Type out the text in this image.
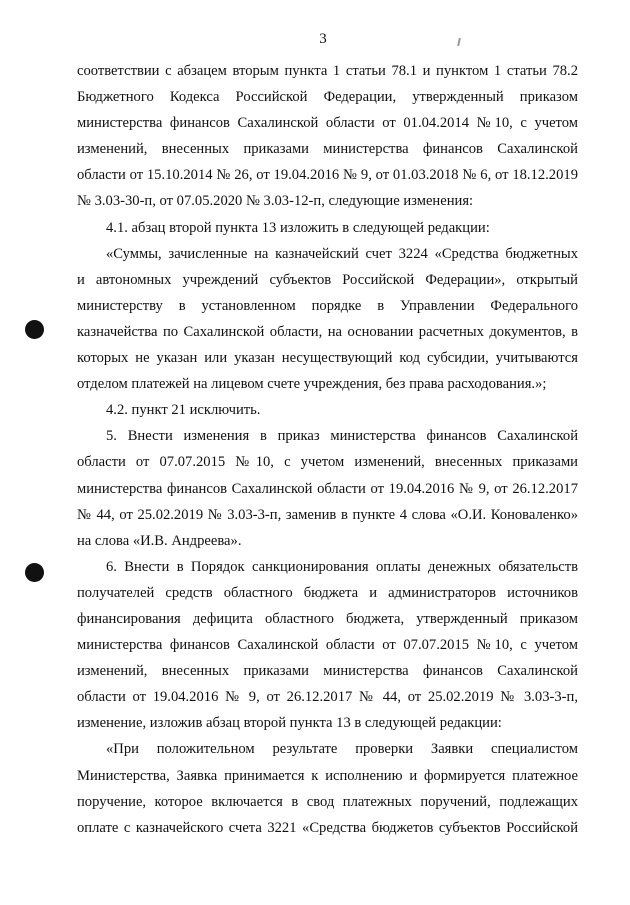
3
соответствии с абзацем вторым пункта 1 статьи 78.1 и пунктом 1 статьи 78.2
Бюджетного Кодекса Российской Федерации, утвержденный приказом
министерства финансов Сахалинской области от 01.04.2014 №10, с учетом
изменений, внесенных приказами министерства финансов Сахалинской
области от 15.10.2014 № 26, от 19.04.2016 № 9, от 01.03.2018 № 6, от 18.12.2019
№ 3.03-30-п, от 07.05.2020 № 3.03-12-п, следующие изменения:
4.1. абзац второй пункта 13 изложить в следующей редакции:
«Суммы, зачисленные на казначейский счет 3224 «Средства бюджетных
и автономных учреждений субъектов Российской Федерации», открытый
министерству в установленном порядке в Управлении Федерального
казначейства по Сахалинской области, на основании расчетных документов, в
которых не указан или указан несуществующий код субсидии, учитываются
отделом платежей на лицевом счете учреждения, без права расходования.»;
4.2. пункт 21 исключить.
5. Внести изменения в приказ министерства финансов Сахалинской
области от 07.07.2015 №10, с учетом изменений, внесенных приказами
министерства финансов Сахалинской области от 19.04.2016 № 9, от 26.12.2017
№ 44, от 25.02.2019 № 3.03-3-п, заменив в пункте 4 слова «О.И. Коноваленко»
на слова «И.В. Андреева».
6. Внести в Порядок санкционирования оплаты денежных обязательств
получателей средств областного бюджета и администраторов источников
финансирования дефицита областного бюджета, утвержденный приказом
министерства финансов Сахалинской области от 07.07.2015 №10, с учетом
изменений, внесенных приказами министерства финансов Сахалинской
области от 19.04.2016 № 9, от 26.12.2017 № 44, от 25.02.2019 № 3.03-3-п,
изменение, изложив абзац второй пункта 13 в следующей редакции:
«При положительном результате проверки Заявки специалистом
Министерства, Заявка принимается к исполнению и формируется платежное
поручение, которое включается в свод платежных поручений, подлежащих
оплате с казначейского счета 3221 «Средства бюджетов субъектов Российской
